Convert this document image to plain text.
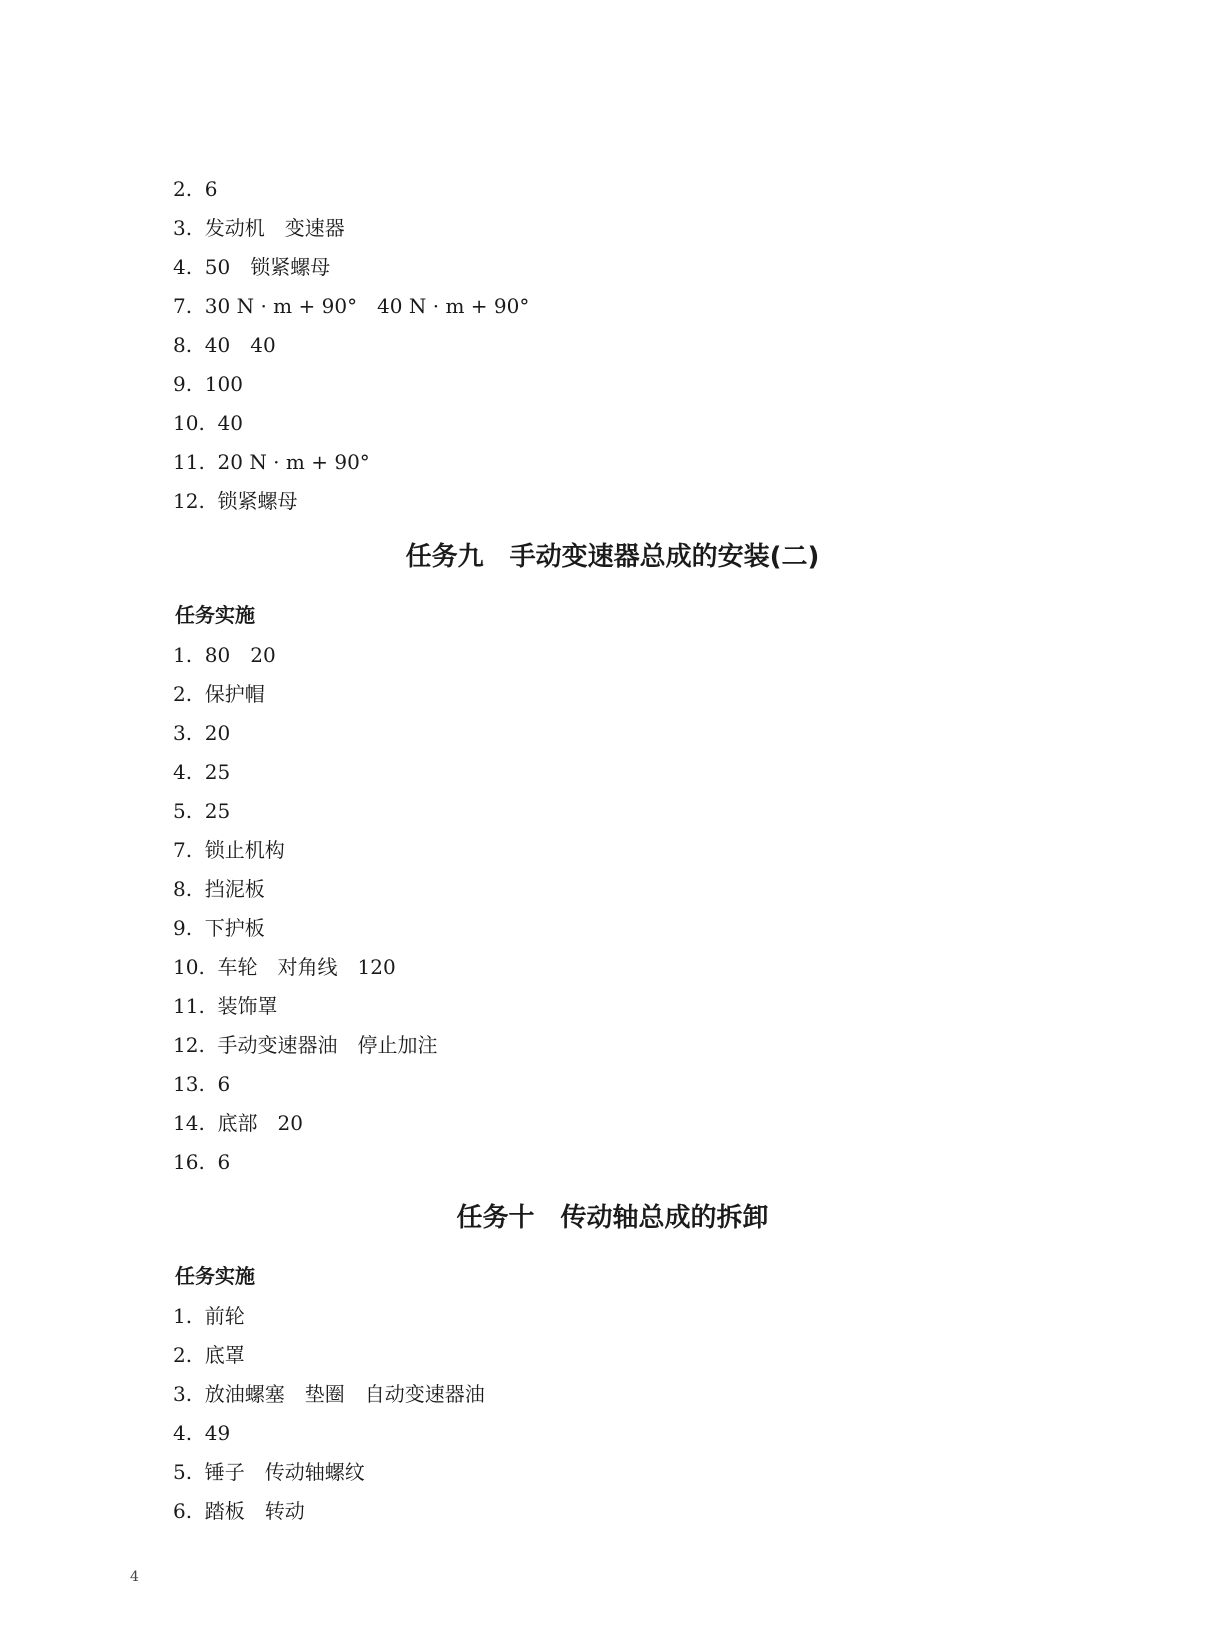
2.  6
3.  发动机　变速器
4.  50　锁紧螺母
7.  30 N · m + 90°　40 N · m + 90°
8.  40　40
9.  100
10.  40
11.  20 N · m + 90°
12.  锁紧螺母
任务九　手动变速器总成的安装(二)
任务实施
1.  80　20
2.  保护帽
3.  20
4.  25
5.  25
7.  锁止机构
8.  挡泥板
9.  下护板
10.  车轮　对角线　120
11.  装饰罩
12.  手动变速器油　停止加注
13.  6
14.  底部　20
16.  6
任务十　传动轴总成的拆卸
任务实施
1.  前轮
2.  底罩
3.  放油螺塞　垫圈　自动变速器油
4.  49
5.  锤子　传动轴螺纹
6.  踏板　转动
4
